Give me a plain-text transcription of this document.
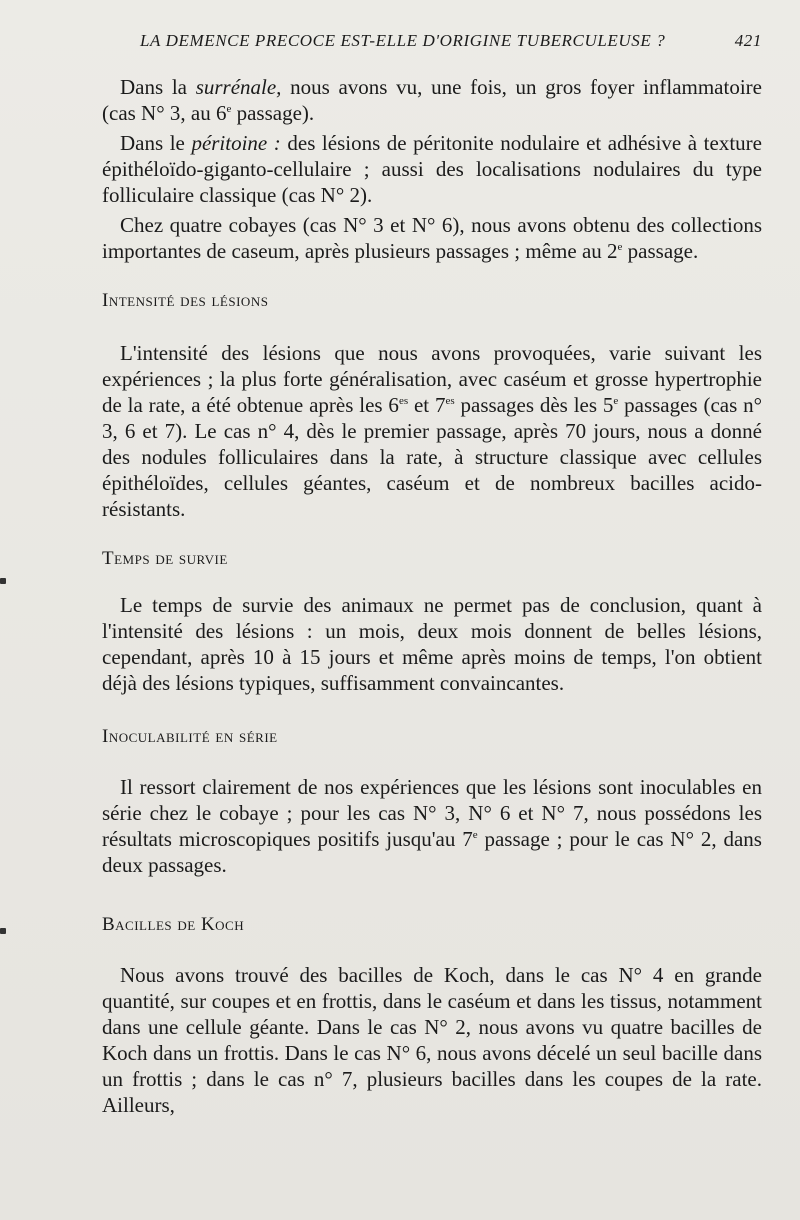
LA DEMENCE PRECOCE EST-ELLE D'ORIGINE TUBERCULEUSE ?	421

Dans la surrénale, nous avons vu, une fois, un gros foyer inflammatoire (cas N° 3, au 6e passage).

Dans le péritoine : des lésions de péritonite nodulaire et adhésive à texture épithéloïdo-giganto-cellulaire ; aussi des localisations nodulaires du type folliculaire classique (cas N° 2).

Chez quatre cobayes (cas N° 3 et N° 6), nous avons obtenu des collections importantes de caseum, après plusieurs passages ; même au 2e passage.

Intensité des lésions

L'intensité des lésions que nous avons provoquées, varie suivant les expériences ; la plus forte généralisation, avec caséum et grosse hypertrophie de la rate, a été obtenue après les $6^{es}$ et $7^{es}$ passages dès les 5e passages (cas n° 3, 6 et 7). Le cas n° 4, dès le premier passage, après 70 jours, nous a donné des nodules folliculaires dans la rate, à structure classique avec cellules épithéloïdes, cellules géantes, caséum et de nombreux bacilles acido-résistants.

Temps de survie

Le temps de survie des animaux ne permet pas de conclusion, quant à l'intensité des lésions : un mois, deux mois donnent de belles lésions, cependant, après 10 à 15 jours et même après moins de temps, l'on obtient déjà des lésions typiques, suffisamment convaincantes.

Inoculabilité en série

Il ressort clairement de nos expériences que les lésions sont inoculables en série chez le cobaye ; pour les cas N° 3, N° 6 et N° 7, nous possédons les résultats microscopiques positifs jusqu'au 7e passage ; pour le cas N° 2, dans deux passages.

Bacilles de Koch

Nous avons trouvé des bacilles de Koch, dans le cas N° 4 en grande quantité, sur coupes et en frottis, dans le caséum et dans les tissus, notamment dans une cellule géante. Dans le cas N° 2, nous avons vu quatre bacilles de Koch dans un frottis. Dans le cas N° 6, nous avons décelé un seul bacille dans un frottis ; dans le cas n° 7, plusieurs bacilles dans les coupes de la rate. Ailleurs,
